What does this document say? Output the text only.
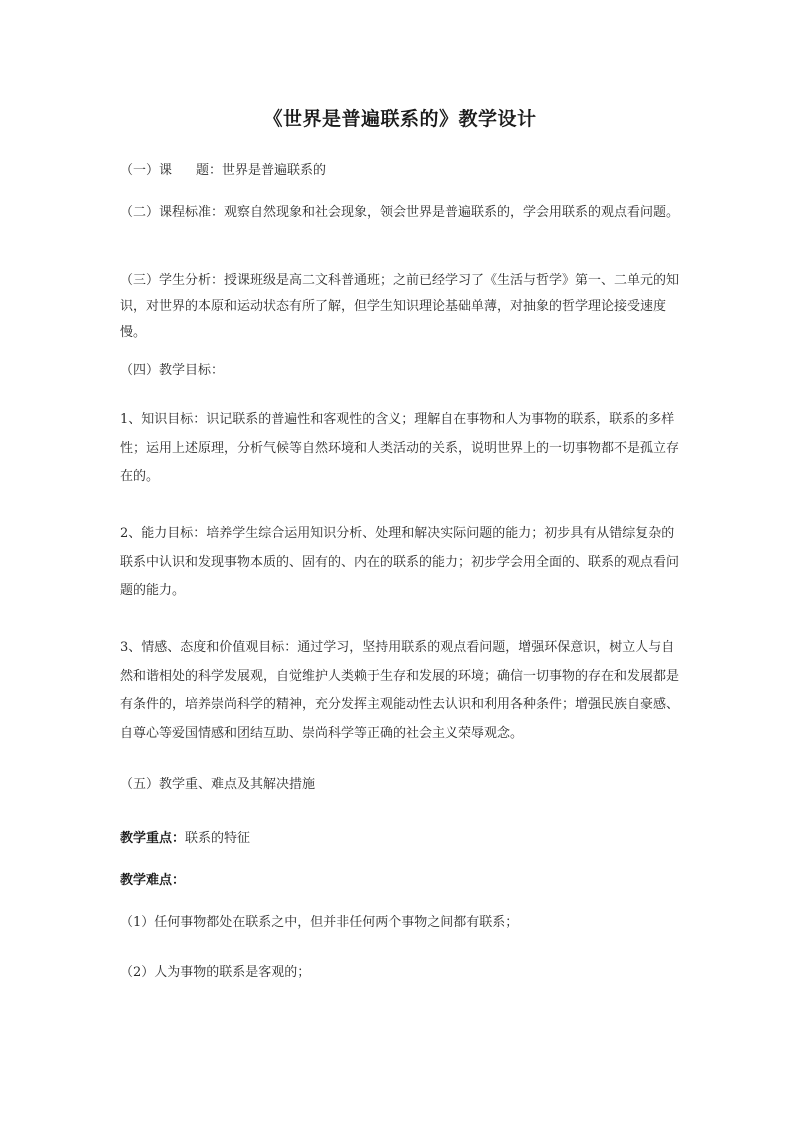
《世界是普遍联系的》教学设计

（一）课 题：世界是普遍联系的

（二）课程标准：观察自然现象和社会现象，领会世界是普遍联系的，学会用联系的观点看问题。

（三）学生分析：授课班级是高二文科普通班；之前已经学习了《生活与哲学》第一、二单元的知识，对世界的本原和运动状态有所了解，但学生知识理论基础单薄，对抽象的哲学理论接受速度慢。

（四）教学目标：

1、知识目标：识记联系的普遍性和客观性的含义；理解自在事物和人为事物的联系，联系的多样性；运用上述原理，分析气候等自然环境和人类活动的关系，说明世界上的一切事物都不是孤立存在的。

2、能力目标：培养学生综合运用知识分析、处理和解决实际问题的能力；初步具有从错综复杂的联系中认识和发现事物本质的、固有的、内在的联系的能力；初步学会用全面的、联系的观点看问题的能力。

3、情感、态度和价值观目标：通过学习，坚持用联系的观点看问题，增强环保意识，树立人与自然和谐相处的科学发展观，自觉维护人类赖于生存和发展的环境；确信一切事物的存在和发展都是有条件的，培养崇尚科学的精神，充分发挥主观能动性去认识和利用各种条件；增强民族自豪感、自尊心等爱国情感和团结互助、崇尚科学等正确的社会主义荣辱观念。

（五）教学重、难点及其解决措施

教学重点：联系的特征

教学难点：

（1）任何事物都处在联系之中，但并非任何两个事物之间都有联系；

（2）人为事物的联系是客观的；
